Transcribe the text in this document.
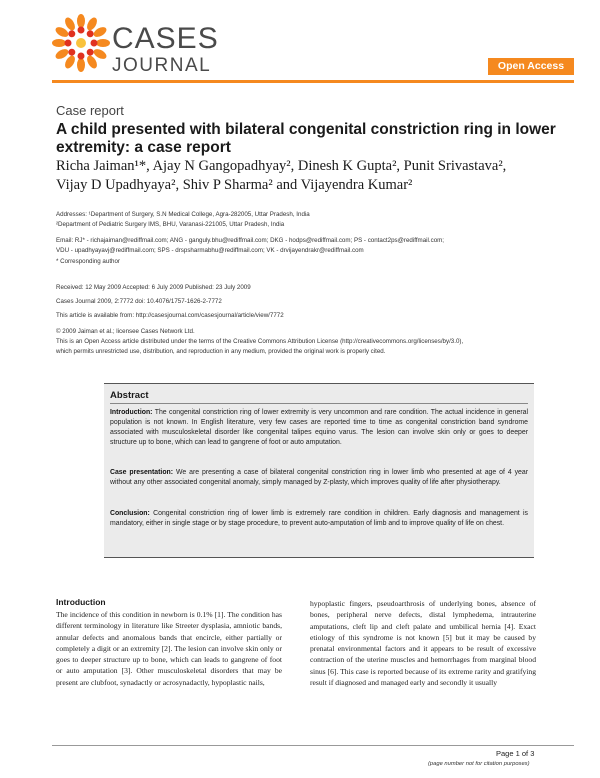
CASES
JOURNAL	Open Access
Case report
A child presented with bilateral congenital constriction ring in lower extremity: a case report
Richa Jaiman¹*, Ajay N Gangopadhyay², Dinesh K Gupta², Punit Srivastava²,
Vijay D Upadhyaya², Shiv P Sharma² and Vijayendra Kumar²
Addresses: ¹Department of Surgery, S.N Medical College, Agra-282005, Uttar Pradesh, India
²Department of Pediatric Surgery IMS, BHU, Varanasi-221005, Uttar Pradesh, India
Email: RJ* - richajaiman@rediffmail.com; ANG - ganguly.bhu@rediffmail.com; DKG - hodps@rediffmail.com; PS - contact2ps@rediffmail.com;
VDU - upadhyayavj@rediffmail.com; SPS - drspsharmabhu@rediffmail.com; VK - drvijayendrakr@rediffmail.com
* Corresponding author
Received: 12 May 2009 Accepted: 6 July 2009 Published: 23 July 2009
Cases Journal 2009, 2:7772 doi: 10.4076/1757-1626-2-7772
This article is available from: http://casesjournal.com/casesjournal/article/view/7772
© 2009 Jaiman et al.; licensee Cases Network Ltd.
This is an Open Access article distributed under the terms of the Creative Commons Attribution License (http://creativecommons.org/licenses/by/3.0),
which permits unrestricted use, distribution, and reproduction in any medium, provided the original work is properly cited.
Abstract
Introduction: The congenital constriction ring of lower extremity is very uncommon and rare condition. The actual incidence in general population is not known. In English literature, very few cases are reported time to time as congenital constriction band syndrome associated with musculoskeletal disorder like congenital talipes equino varus. The lesion can involve skin only or goes to deeper structure up to bone, which can lead to gangrene of foot or auto amputation.
Case presentation: We are presenting a case of bilateral congenital constriction ring in lower limb who presented at age of 4 year without any other associated congenital anomaly, simply managed by Z-plasty, which improves quality of life after physiotherapy.
Conclusion: Congenital constriction ring of lower limb is extremely rare condition in children. Early diagnosis and management is mandatory, either in single stage or by stage procedure, to prevent auto-amputation of limb and to improve quality of life on chest.
Introduction
The incidence of this condition in newborn is 0.1% [1]. The condition has different terminology in literature like Streeter dysplasia, amniotic bands, annular defects and anomalous bands that encircle, either partially or completely a digit or an extremity [2]. The lesion can involve skin only or goes to deeper structure up to bone, which can leads to gangrene of foot or auto amputation [3]. Other musculoskeletal disorders that may be present are clubfoot, synadactly or acrosynadactly, hypoplastic nails,
hypoplastic fingers, pseudoarthrosis of underlying bones, absence of bones, peripheral nerve defects, distal lymphedema, intrauterine amputations, cleft lip and cleft palate and umbilical hernia [4]. Exact etiology of this syndrome is not known [5] but it may be caused by prenatal environmental factors and it appears to be result of excessive contraction of the uterine muscles and hemorrhages from marginal blood sinus [6]. This case is reported because of its extreme rarity and gratifying result if diagnosed and managed early and secondly it usually
Page 1 of 3
(page number not for citation purposes)
